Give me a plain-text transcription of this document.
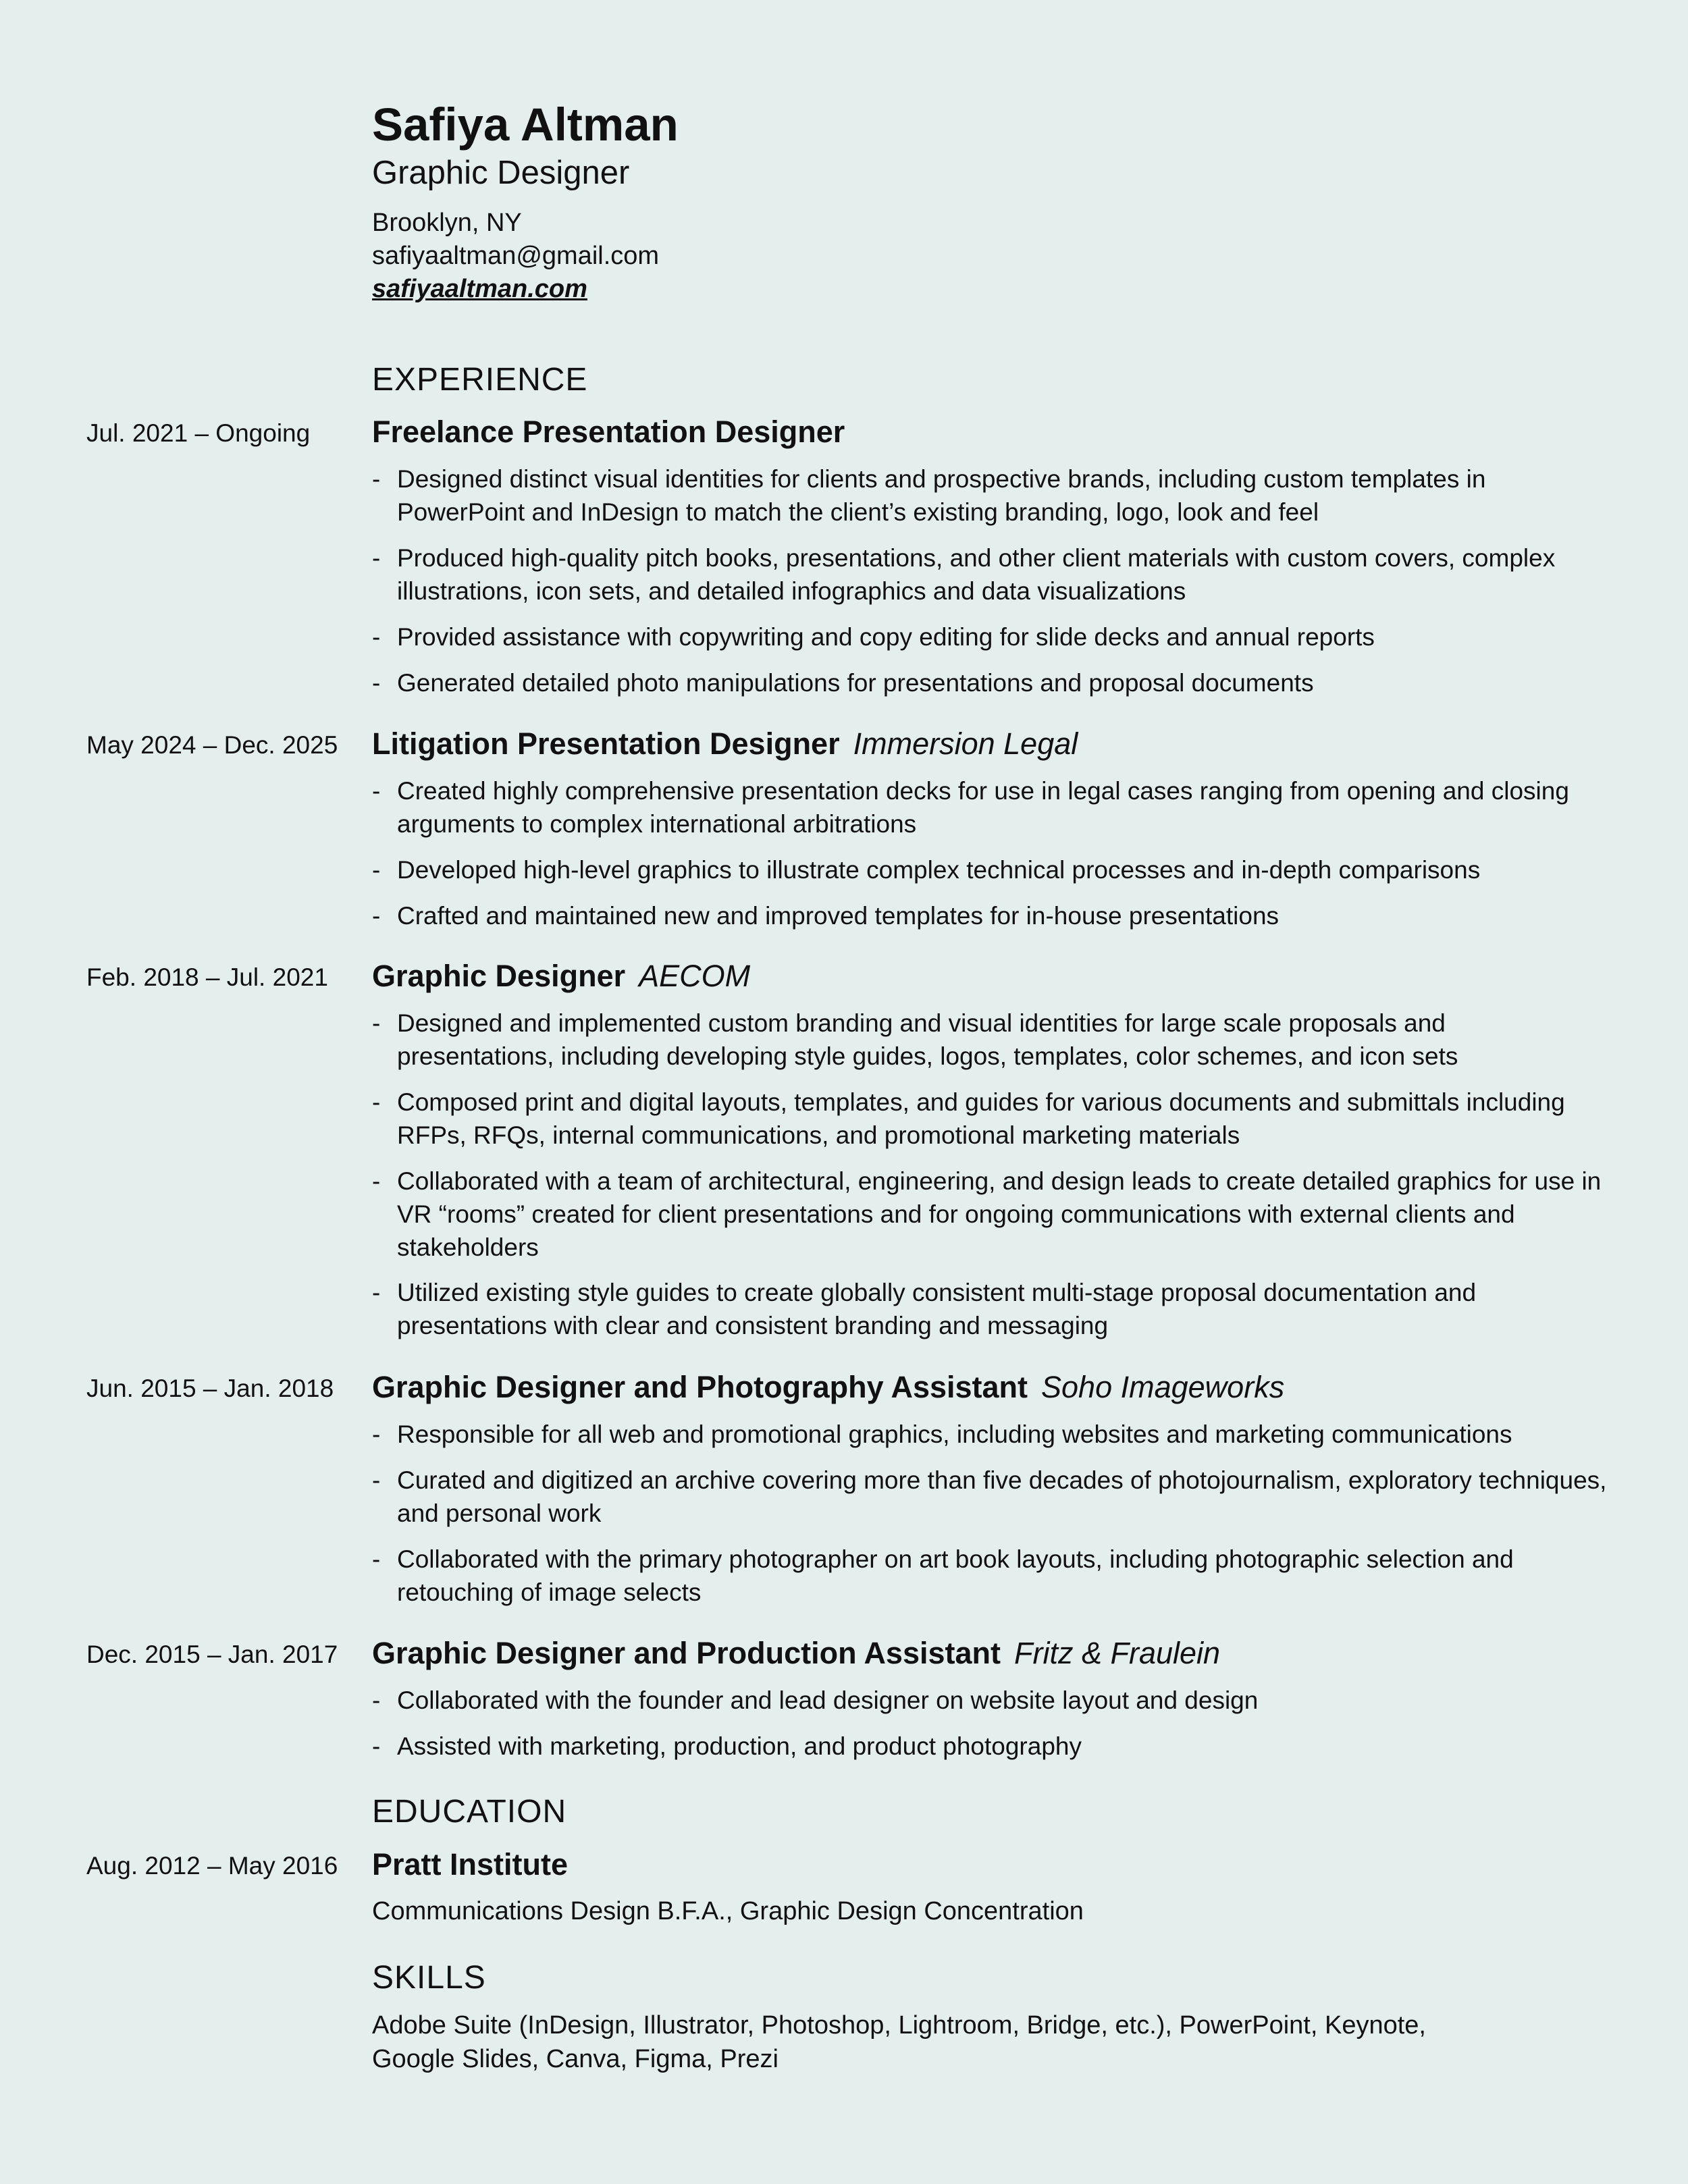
Safiya Altman
Graphic Designer
Brooklyn, NY
safiyaaltman@gmail.com
safiyaaltman.com
EXPERIENCE
Jul. 2021 – Ongoing Freelance Presentation Designer
- Designed distinct visual identities for clients and prospective brands, including custom templates in PowerPoint and InDesign to match the client’s existing branding, logo, look and feel
- Produced high-quality pitch books, presentations, and other client materials with custom covers, complex illustrations, icon sets, and detailed infographics and data visualizations
- Provided assistance with copywriting and copy editing for slide decks and annual reports
- Generated detailed photo manipulations for presentations and proposal documents
May 2024 – Dec. 2025 Litigation Presentation Designer Immersion Legal
- Created highly comprehensive presentation decks for use in legal cases ranging from opening and closing arguments to complex international arbitrations
- Developed high-level graphics to illustrate complex technical processes and in-depth comparisons
- Crafted and maintained new and improved templates for in-house presentations
Feb. 2018 – Jul. 2021 Graphic Designer AECOM
- Designed and implemented custom branding and visual identities for large scale proposals and presentations, including developing style guides, logos, templates, color schemes, and icon sets
- Composed print and digital layouts, templates, and guides for various documents and submittals including RFPs, RFQs, internal communications, and promotional marketing materials
- Collaborated with a team of architectural, engineering, and design leads to create detailed graphics for use in VR “rooms” created for client presentations and for ongoing communications with external clients and stakeholders
- Utilized existing style guides to create globally consistent multi-stage proposal documentation and presentations with clear and consistent branding and messaging
Jun. 2015 – Jan. 2018 Graphic Designer and Photography Assistant Soho Imageworks
- Responsible for all web and promotional graphics, including websites and marketing communications
- Curated and digitized an archive covering more than five decades of photojournalism, exploratory techniques, and personal work
- Collaborated with the primary photographer on art book layouts, including photographic selection and retouching of image selects
Dec. 2015 – Jan. 2017 Graphic Designer and Production Assistant Fritz & Fraulein
- Collaborated with the founder and lead designer on website layout and design
- Assisted with marketing, production, and product photography
EDUCATION
Aug. 2012 – May 2016 Pratt Institute
Communications Design B.F.A., Graphic Design Concentration
SKILLS
Adobe Suite (InDesign, Illustrator, Photoshop, Lightroom, Bridge, etc.), PowerPoint, Keynote,
Google Slides, Canva, Figma, Prezi
